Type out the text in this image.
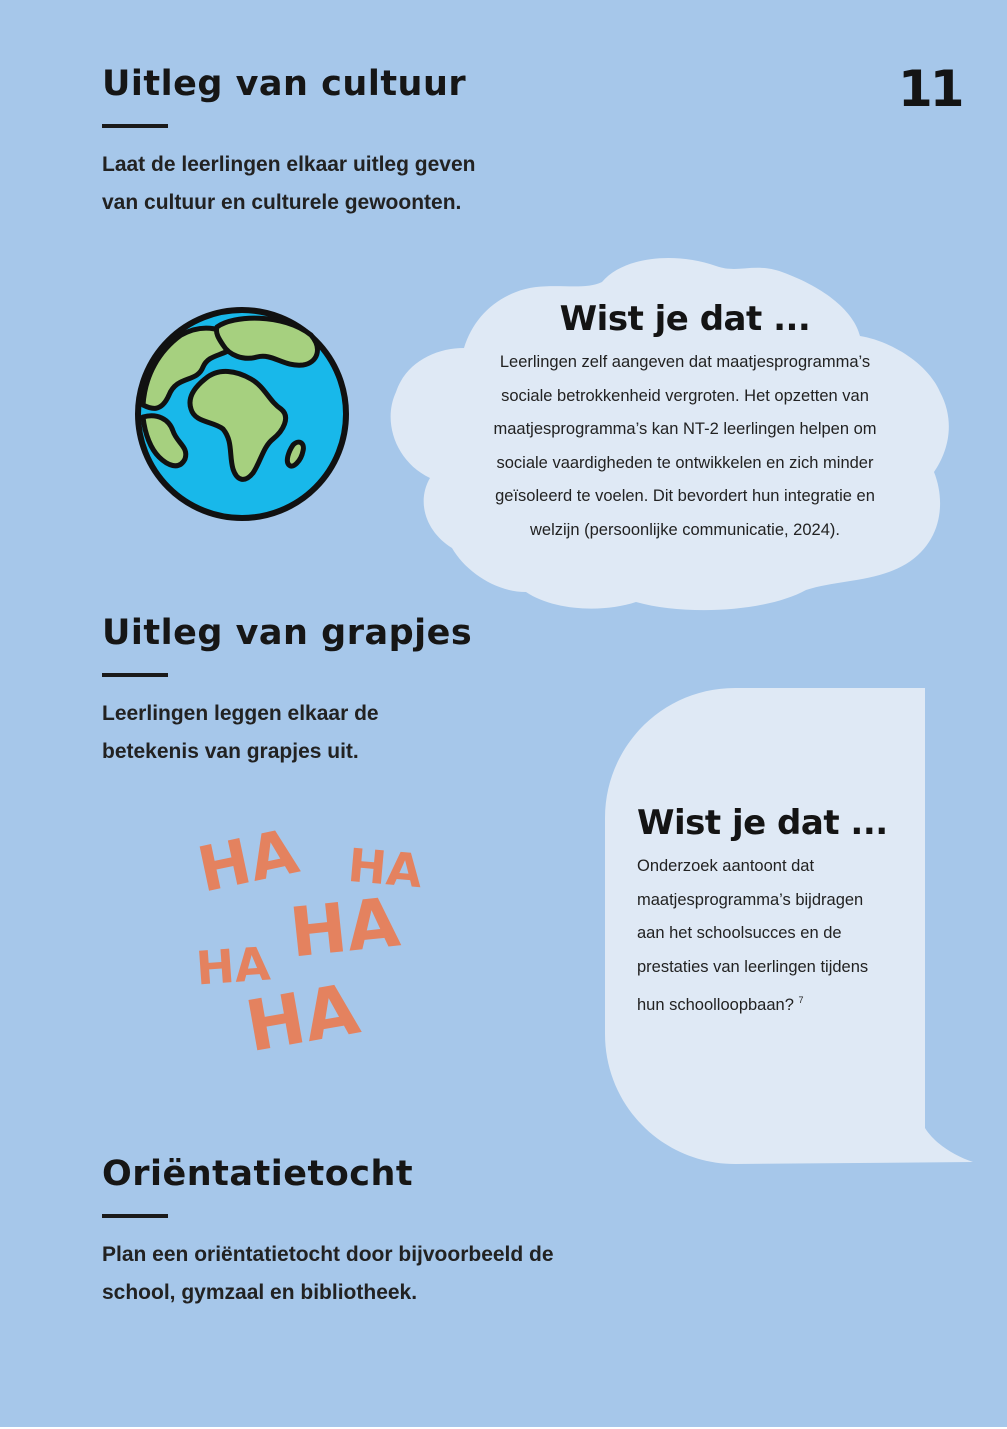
11
Uitleg van cultuur

Laat de leerlingen elkaar uitleg geven
van cultuur en culturele gewoonten.

Wist je dat ...

Leerlingen zelf aangeven dat maatjesprogramma’s
sociale betrokkenheid vergroten. Het opzetten van
maatjesprogramma’s kan NT-2 leerlingen helpen om
sociale vaardigheden te ontwikkelen en zich minder
geïsoleerd te voelen. Dit bevordert hun integratie en
welzijn (persoonlijke communicatie, 2024).

Uitleg van grapjes

Leerlingen leggen elkaar de
betekenis van grapjes uit.

Wist je dat ...

Onderzoek aantoont dat
maatjesprogramma’s bijdragen
aan het schoolsucces en de
prestaties van leerlingen tijdens
hun schoolloopbaan? $^7$

HA HA
HA
HA
HA
Oriëntatietocht

Plan een oriëntatietocht door bijvoorbeeld de
school, gymzaal en bibliotheek.
